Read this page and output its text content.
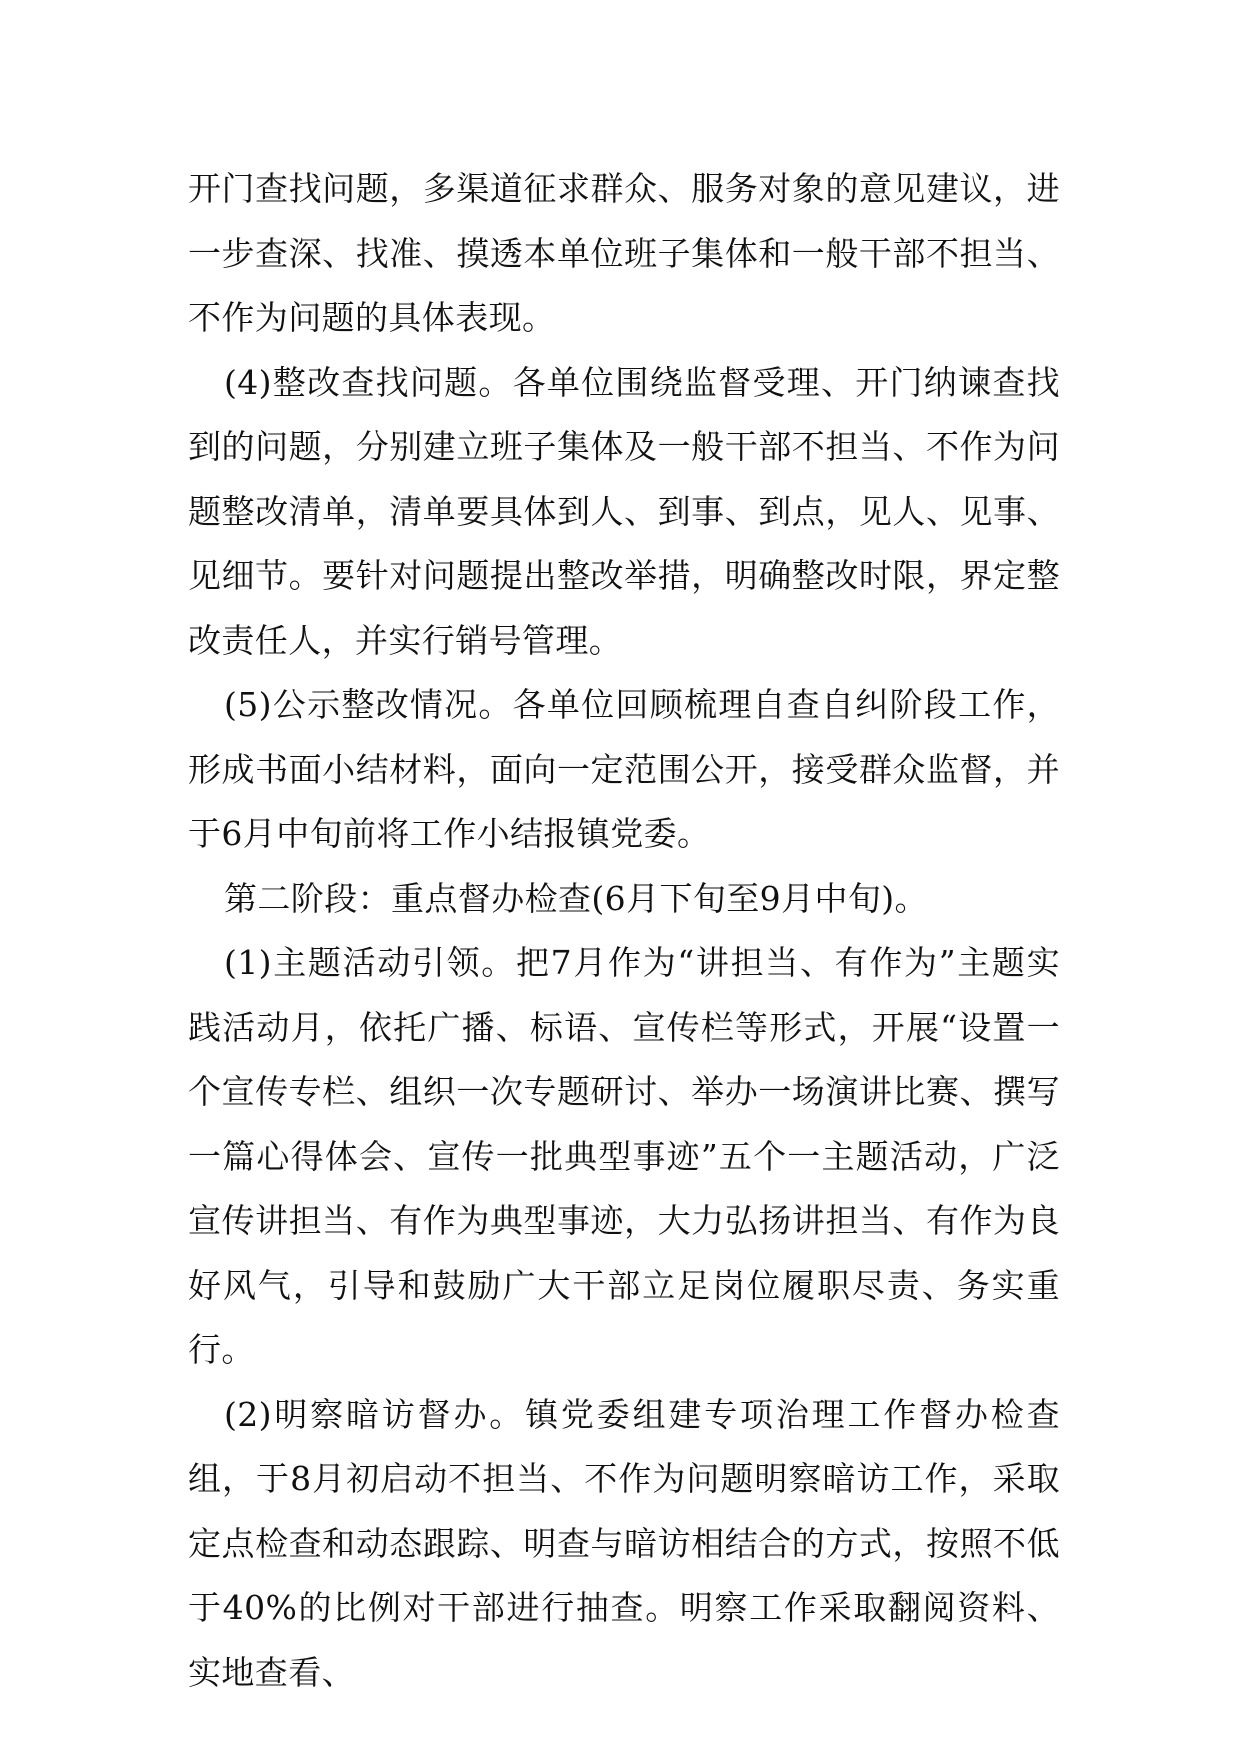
开门查找问题，多渠道征求群众、服务对象的意见建议，进一步查深、找准、摸透本单位班子集体和一般干部不担当、不作为问题的具体表现。

(4)整改查找问题。各单位围绕监督受理、开门纳谏查找到的问题，分别建立班子集体及一般干部不担当、不作为问题整改清单，清单要具体到人、到事、到点，见人、见事、见细节。要针对问题提出整改举措，明确整改时限，界定整改责任人，并实行销号管理。

(5)公示整改情况。各单位回顾梳理自查自纠阶段工作，形成书面小结材料，面向一定范围公开，接受群众监督，并于6月中旬前将工作小结报镇党委。

第二阶段：重点督办检查(6月下旬至9月中旬)。

(1)主题活动引领。把7月作为“讲担当、有作为”主题实践活动月，依托广播、标语、宣传栏等形式，开展“设置一个宣传专栏、组织一次专题研讨、举办一场演讲比赛、撰写一篇心得体会、宣传一批典型事迹”五个一主题活动，广泛宣传讲担当、有作为典型事迹，大力弘扬讲担当、有作为良好风气，引导和鼓励广大干部立足岗位履职尽责、务实重行。

(2)明察暗访督办。镇党委组建专项治理工作督办检查组，于8月初启动不担当、不作为问题明察暗访工作，采取定点检查和动态跟踪、明查与暗访相结合的方式，按照不低于40%的比例对干部进行抽查。明察工作采取翻阅资料、实地查看、
